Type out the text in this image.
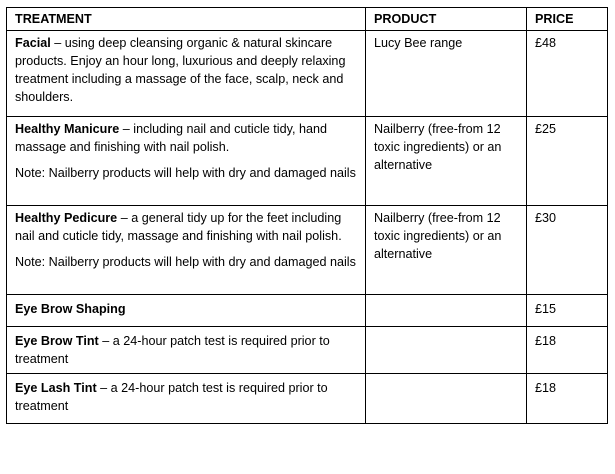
TREATMENT	PRODUCT	PRICE

Facial – using deep cleansing organic & natural skincare products. Enjoy an hour long, luxurious and deeply relaxing treatment including a massage of the face, scalp, neck and shoulders.	Lucy Bee range	£48

Healthy Manicure – including nail and cuticle tidy, hand massage and finishing with nail polish.

Note: Nailberry products will help with dry and damaged nails	Nailberry (free-from 12 toxic ingredients) or an alternative	£25

Healthy Pedicure – a general tidy up for the feet including nail and cuticle tidy, massage and finishing with nail polish.

Note: Nailberry products will help with dry and damaged nails	Nailberry (free-from 12 toxic ingredients) or an alternative	£30

Eye Brow Shaping		£15

Eye Brow Tint – a 24-hour patch test is required prior to treatment		£18

Eye Lash Tint – a 24-hour patch test is required prior to treatment		£18
